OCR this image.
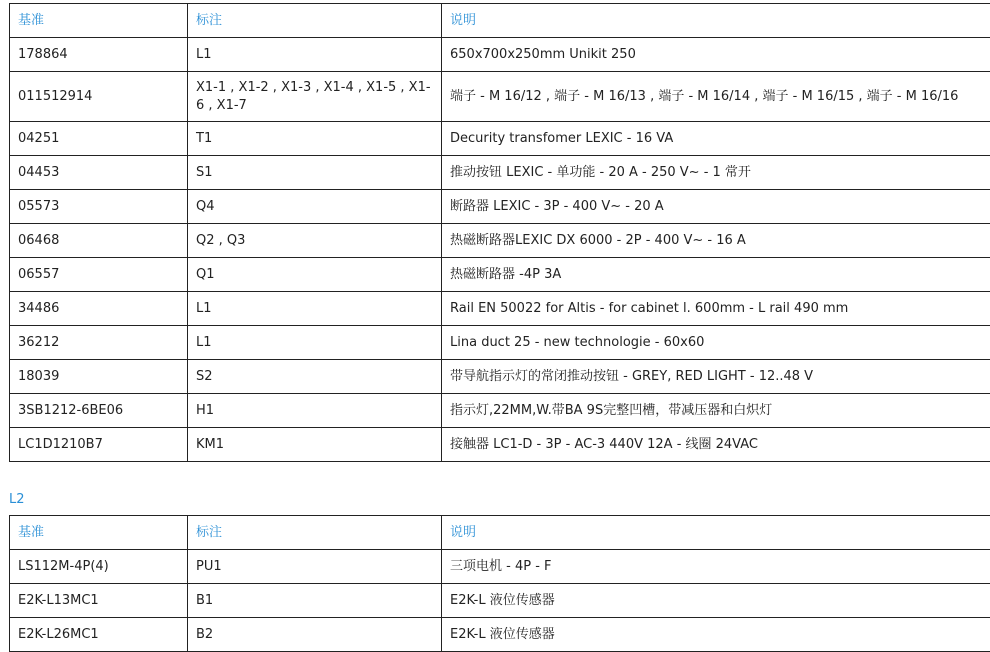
基准	标注	说明
178864	L1	650x700x250mm Unikit 250
011512914	X1-1 , X1-2 , X1-3 , X1-4 , X1-5 , X1-6 , X1-7	端子 - M 16/12 , 端子 - M 16/13 , 端子 - M 16/14 , 端子 - M 16/15 , 端子 - M 16/16
04251	T1	Decurity transfomer LEXIC - 16 VA
04453	S1	推动按钮 LEXIC - 单功能 - 20 A - 250 V~ - 1 常开
05573	Q4	断路器 LEXIC - 3P - 400 V~ - 20 A
06468	Q2 , Q3	热磁断路器LEXIC DX 6000 - 2P - 400 V~ - 16 A
06557	Q1	热磁断路器 -4P 3A
34486	L1	Rail EN 50022 for Altis - for cabinet l. 600mm - L rail 490 mm
36212	L1	Lina duct 25 - new technologie - 60x60
18039	S2	带导航指示灯的常闭推动按钮 - GREY, RED LIGHT - 12..48 V
3SB1212-6BE06	H1	指示灯,22MM,W.带BA 9S完整凹槽，带减压器和白炽灯
LC1D1210B7	KM1	接触器 LC1-D - 3P - AC-3 440V 12A - 线圈 24VAC
L2
基准	标注	说明
LS112M-4P(4)	PU1	三项电机 - 4P - F
E2K-L13MC1	B1	E2K-L 液位传感器
E2K-L26MC1	B2	E2K-L 液位传感器
